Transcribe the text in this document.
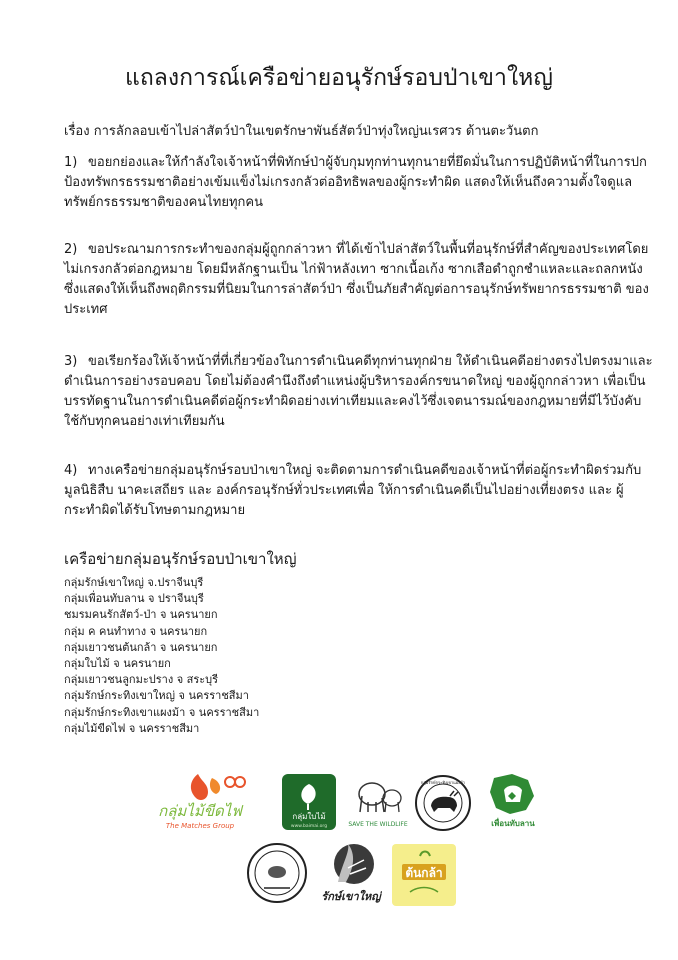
แถลงการณ์เครือข่ายอนุรักษ์รอบป่าเขาใหญ่

เรื่อง การลักลอบเข้าไปล่าสัตว์ป่าในเขตรักษาพันธ์สัตว์ป่าทุ่งใหญ่นเรศวร ด้านตะวันตก

1) ขอยกย่องและให้กำลังใจเจ้าหน้าที่พิทักษ์ป่าผู้จับกุมทุกท่านทุกนายที่ยึดมั่นในการปฏิบัติหน้าที่ในการปกป้องทรัพกรธรรมชาติอย่างเข้มแข็งไม่เกรงกลัวต่ออิทธิพลของผู้กระทำผิด แสดงให้เห็นถึงความตั้งใจดูแลทรัพย์กรธรรมชาติของคนไทยทุกคน

2) ขอประณามการกระทำของกลุ่มผู้ถูกกล่าวหา ที่ได้เข้าไปล่าสัตว์ในพื้นที่อนุรักษ์ที่สำคัญของประเทศโดยไม่เกรงกลัวต่อกฎหมาย โดยมีหลักฐานเป็น ไก่ฟ้าหลังเทา ซากเนื้อเก้ง ซากเสือดำถูกชำแหละและถลกหนัง ซึ่งแสดงให้เห็นถึงพฤติกรรมที่นิยมในการล่าสัตว์ป่า ซึ่งเป็นภัยสำคัญต่อการอนุรักษ์ทรัพยากรธรรมชาติ ของประเทศ

3) ขอเรียกร้องให้เจ้าหน้าที่ที่เกี่ยวข้องในการดำเนินคดีทุกท่านทุกฝ่าย ให้ดำเนินคดีอย่างตรงไปตรงมาและดำเนินการอย่างรอบคอบ โดยไม่ต้องคำนึงถึงตำแหน่งผู้บริหารองค์กรขนาดใหญ่ ของผู้ถูกกล่าวหา เพื่อเป็นบรรทัดฐานในการดำเนินคดีต่อผู้กระทำผิดอย่างเท่าเทียมและคงไว้ซึ่งเจตนารมณ์ของกฎหมายที่มีไว้บังคับใช้กับทุกคนอย่างเท่าเทียมกัน

4) ทางเครือข่ายกลุ่มอนุรักษ์รอบป่าเขาใหญ่ จะติดตามการดำเนินคดีของเจ้าหน้าที่ต่อผู้กระทำผิดร่วมกับมูลนิธิสืบ นาคะเสถียร และ องค์กรอนุรักษ์ทั่วประเทศเพื่อ ให้การดำเนินคดีเป็นไปอย่างเที่ยงตรง และ ผู้กระทำผิดได้รับโทษตามกฎหมาย

เครือข่ายกลุ่มอนุรักษ์รอบป่าเขาใหญ่

กลุ่มรักษ์เขาใหญ่ จ.ปราจีนบุรี
กลุ่มเพื่อนทับลาน จ ปราจีนบุรี
ชมรมคนรักสัตว์-ป่า จ นครนายก
กลุ่ม ค คนทำทาง จ นครนายก
กลุ่มเยาวชนต้นกล้า จ นครนายก
กลุ่มใบไม้ จ นครนายก
กลุ่มเยาวชนลูกมะปราง จ สระบุรี
กลุ่มรักษ์กระทิงเขาใหญ่ จ นครราชสีมา
กลุ่มรักษ์กระทิงเขาแผงม้า จ นครราชสีมา
กลุ่มไม้ขีดไฟ จ นครราชสีมา
กลุ่มไม้ขีดไฟ
The Matches Group
กลุ่มใบไม้
www.baimai.org	SAVE THE WILDLIFE
กลุ่มรักษ์กระทิงเขาแผงม้า
เพื่อนทับลาน
รักษ์เขาใหญ่
ต้นกล้า
